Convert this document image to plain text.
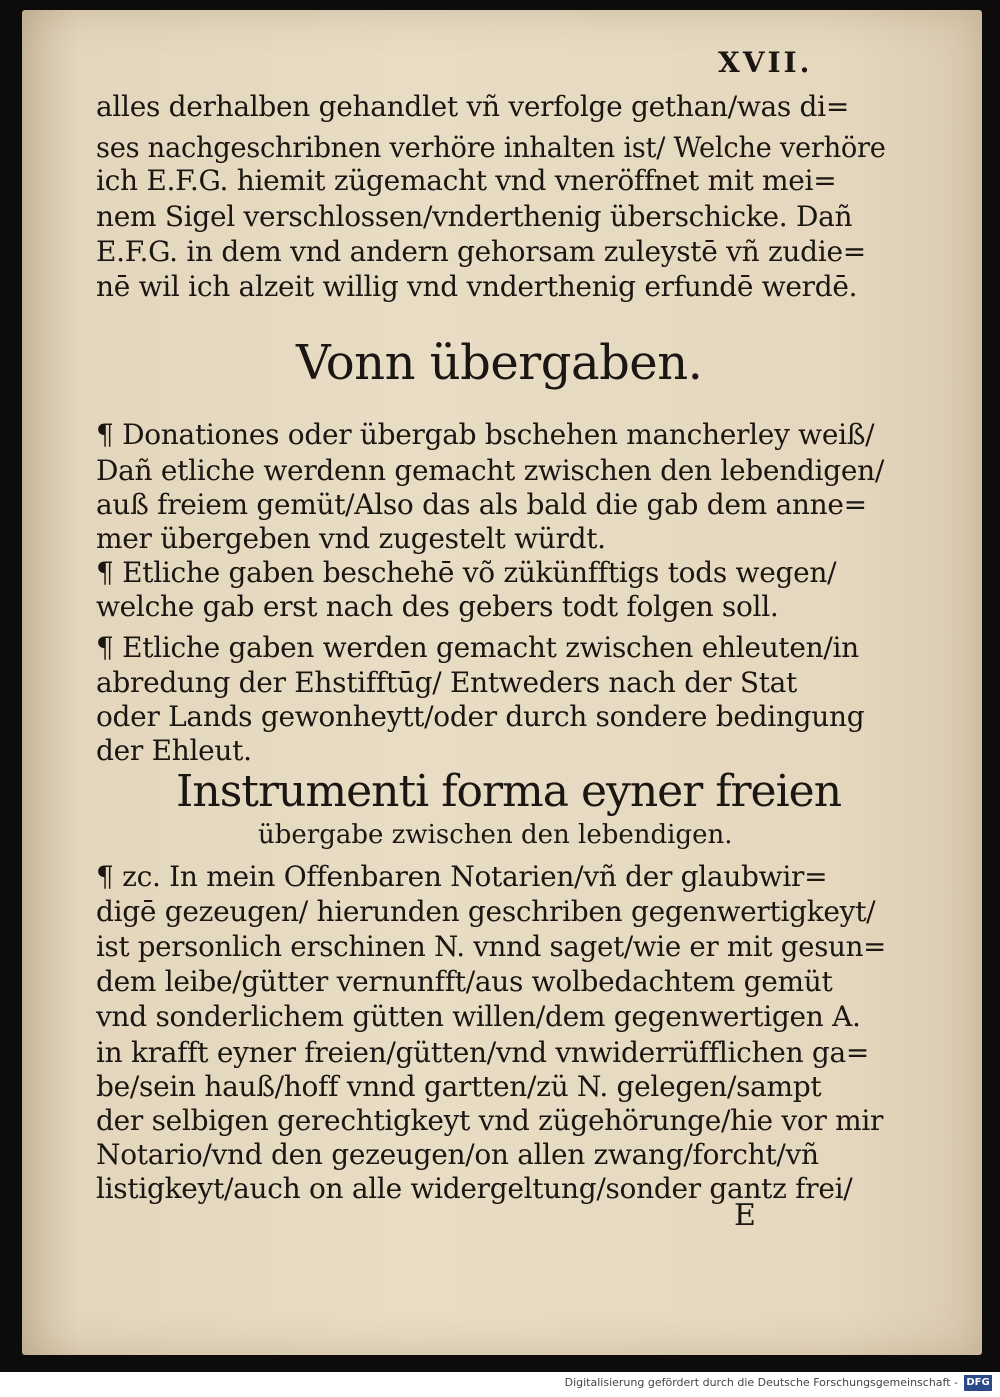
XVII.
alles derhalben gehandlet vñ verfolge gethan/was di=
ses nachgeschribnen verhöre inhalten ist/ Welche verhöre
ich E.F.G. hiemit zügemacht vnd vneröffnet mit mei=
nem Sigel verschlossen/vnderthenig überschicke. Dañ
E.F.G. in dem vnd andern gehorsam zuleystē vñ zudie=
nē wil ich alzeit willig vnd vnderthenig erfundē werdē.
Vonn übergaben.
¶ Donationes oder übergab bschehen mancherley weiß/
Dañ etliche werdenn gemacht zwischen den lebendigen/
auß freiem gemüt/Also das als bald die gab dem anne=
mer übergeben vnd zugestelt würdt.
¶ Etliche gaben beschehē võ zükünfftigs tods wegen/
welche gab erst nach des gebers todt folgen soll.
¶ Etliche gaben werden gemacht zwischen ehleuten/in
abredung der Ehstifftūg/ Entweders nach der Stat
oder Lands gewonheytt/oder durch sondere bedingung
der Ehleut.
Instrumenti forma eyner freien
übergabe zwischen den lebendigen.
¶ zc. In mein Offenbaren Notarien/vñ der glaubwir=
digē gezeugen/ hierunden geschriben gegenwertigkeyt/
ist personlich erschinen N. vnnd saget/wie er mit gesun=
dem leibe/gütter vernunfft/aus wolbedachtem gemüt
vnd sonderlichem gütten willen/dem gegenwertigen A.
in krafft eyner freien/gütten/vnd vnwiderrüfflichen ga=
be/sein hauß/hoff vnnd gartten/zü N. gelegen/sampt
der selbigen gerechtigkeyt vnd zügehörunge/hie vor mir
Notario/vnd den gezeugen/on allen zwang/forcht/vñ
listigkeyt/auch on alle widergeltung/sonder gantz frei/
E
Digitalisierung gefördert durch die Deutsche Forschungsgemeinschaft - DFG
